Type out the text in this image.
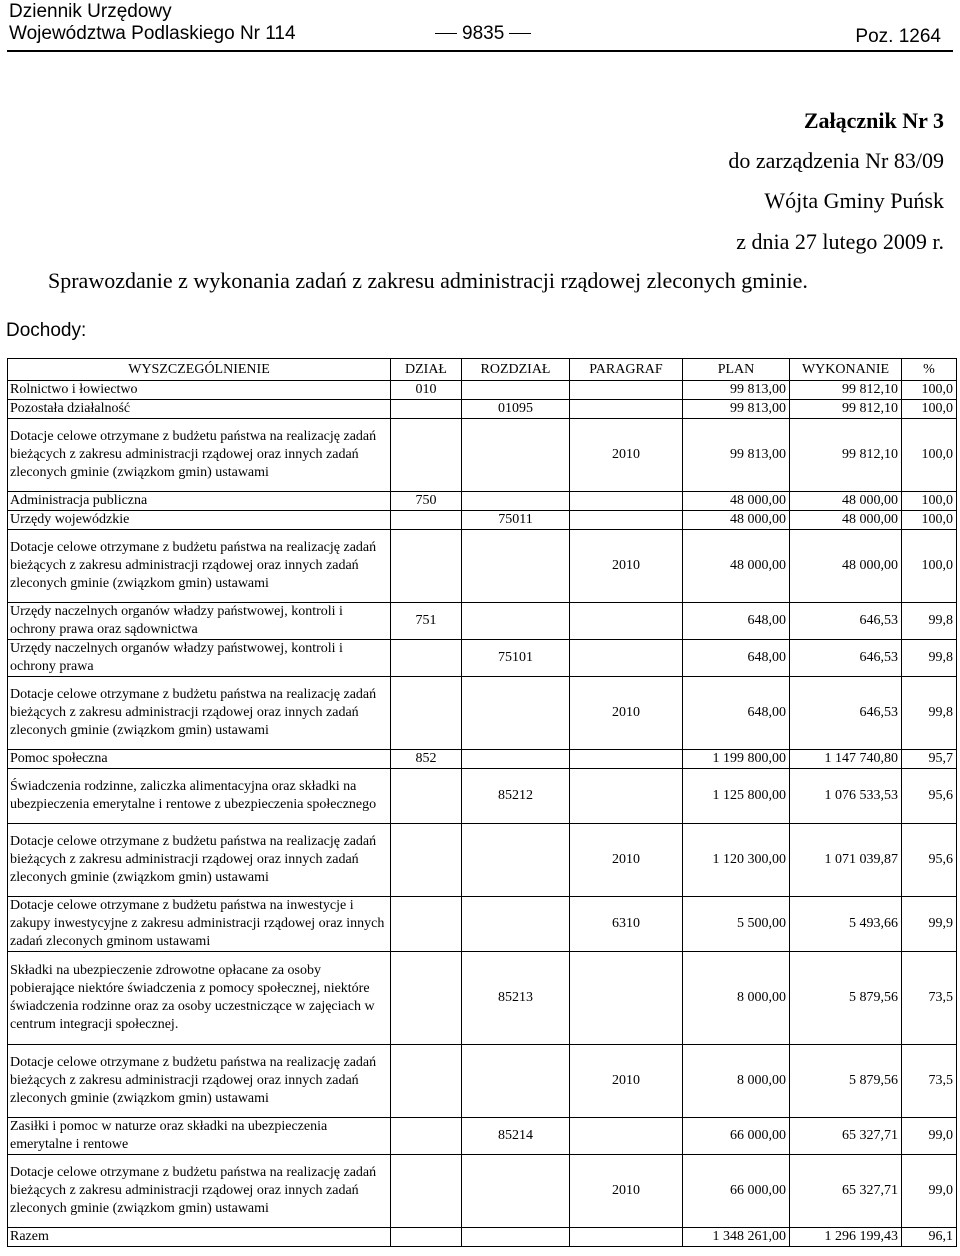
Dziennik Urzędowy
Województwa Podlaskiego Nr 114	9835	Poz. 1264
Załącznik Nr 3
do zarządzenia Nr 83/09
Wójta Gminy Puńsk
z dnia 27 lutego 2009 r.
Sprawozdanie z wykonania zadań z zakresu administracji rządowej zleconych gminie.
Dochody:
WYSZCZEGÓLNIENIE	DZIAŁ	ROZDZIAŁ	PARAGRAF	PLAN	WYKONANIE	%
Rolnictwo i łowiectwo	010			99 813,00	99 812,10	100,0
Pozostała działalność		01095		99 813,00	99 812,10	100,0
Dotacje celowe otrzymane z budżetu państwa na realizację zadań bieżących z zakresu administracji rządowej oraz innych zadań zleconych gminie (związkom gmin) ustawami			2010	99 813,00	99 812,10	100,0
Administracja publiczna	750			48 000,00	48 000,00	100,0
Urzędy wojewódzkie		75011		48 000,00	48 000,00	100,0
Dotacje celowe otrzymane z budżetu państwa na realizację zadań bieżących z zakresu administracji rządowej oraz innych zadań zleconych gminie (związkom gmin) ustawami			2010	48 000,00	48 000,00	100,0
Urzędy naczelnych organów władzy państwowej, kontroli i ochrony prawa oraz sądownictwa	751			648,00	646,53	99,8
Urzędy naczelnych organów władzy państwowej, kontroli i ochrony prawa		75101		648,00	646,53	99,8
Dotacje celowe otrzymane z budżetu państwa na realizację zadań bieżących z zakresu administracji rządowej oraz innych zadań zleconych gminie (związkom gmin) ustawami			2010	648,00	646,53	99,8
Pomoc społeczna	852			1 199 800,00	1 147 740,80	95,7
Świadczenia rodzinne, zaliczka alimentacyjna oraz składki na ubezpieczenia emerytalne i rentowe z ubezpieczenia społecznego		85212		1 125 800,00	1 076 533,53	95,6
Dotacje celowe otrzymane z budżetu państwa na realizację zadań bieżących z zakresu administracji rządowej oraz innych zadań zleconych gminie (związkom gmin) ustawami			2010	1 120 300,00	1 071 039,87	95,6
Dotacje celowe otrzymane z budżetu państwa na inwestycje i zakupy inwestycyjne z zakresu administracji rządowej oraz innych zadań zleconych gminom ustawami			6310	5 500,00	5 493,66	99,9
Składki na ubezpieczenie zdrowotne opłacane za osoby pobierające niektóre świadczenia z pomocy społecznej, niektóre świadczenia rodzinne oraz za osoby uczestniczące w zajęciach w centrum integracji społecznej.		85213		8 000,00	5 879,56	73,5
Dotacje celowe otrzymane z budżetu państwa na realizację zadań bieżących z zakresu administracji rządowej oraz innych zadań zleconych gminie (związkom gmin) ustawami			2010	8 000,00	5 879,56	73,5
Zasiłki i pomoc w naturze oraz składki na ubezpieczenia emerytalne i rentowe		85214		66 000,00	65 327,71	99,0
Dotacje celowe otrzymane z budżetu państwa na realizację zadań bieżących z zakresu administracji rządowej oraz innych zadań zleconych gminie (związkom gmin) ustawami			2010	66 000,00	65 327,71	99,0
Razem				1 348 261,00	1 296 199,43	96,1
